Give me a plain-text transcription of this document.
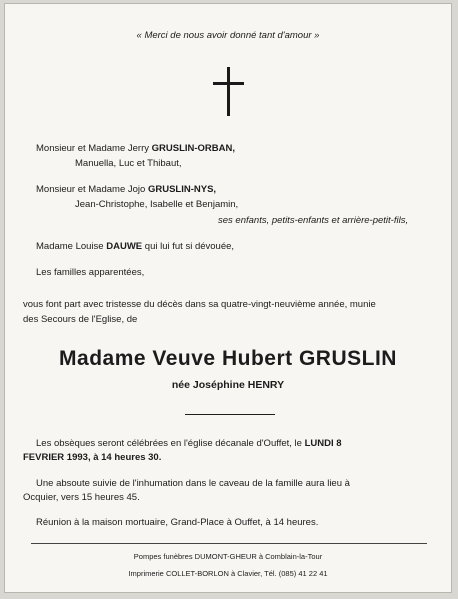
« Merci de nous avoir donné tant d'amour »
Monsieur et Madame Jerry GRUSLIN-ORBAN,
Manuella, Luc et Thibaut,
Monsieur et Madame Jojo GRUSLIN-NYS,
Jean-Christophe, Isabelle et Benjamin,
ses enfants, petits-enfants et arrière-petit-fils,
Madame Louise DAUWE qui lui fut si dévouée,
Les familles apparentées,
vous font part avec tristesse du décès dans sa quatre-vingt-neuvième année, munie
des Secours de l'Eglise, de
Madame Veuve Hubert GRUSLIN
née Joséphine HENRY
Les obsèques seront célébrées en l'église décanale d'Ouffet, le LUNDI 8
FEVRIER 1993, à 14 heures 30.
Une absoute suivie de l'inhumation dans le caveau de la famille aura lieu à
Ocquier, vers 15 heures 45.
Réunion à la maison mortuaire, Grand-Place à Ouffet, à 14 heures.
Pompes funèbres DUMONT-GHEUR à Comblain-la-Tour
Imprimerie COLLET-BORLON à Clavier, Tél. (085) 41 22 41
